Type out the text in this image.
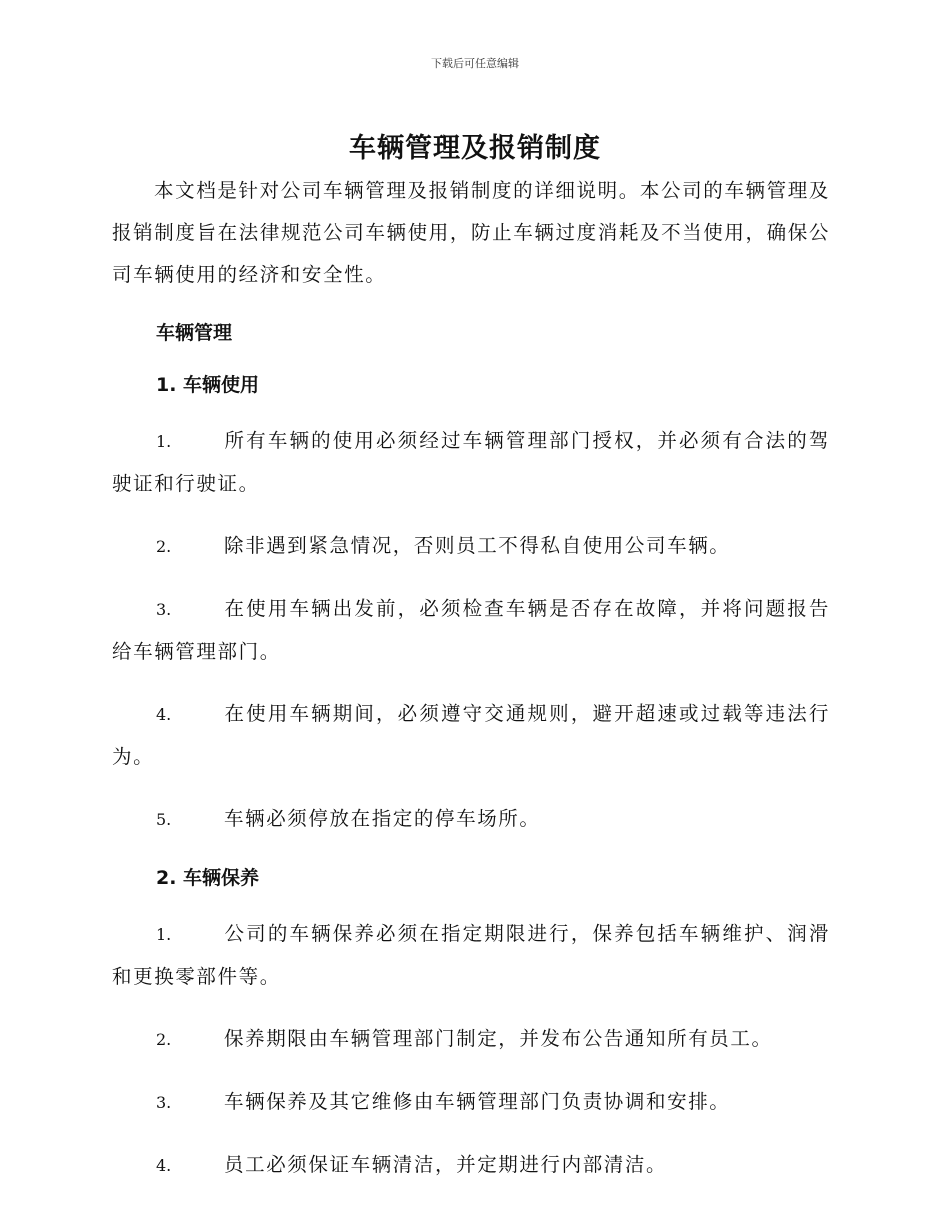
下载后可任意编辑
车辆管理及报销制度

本文档是针对公司车辆管理及报销制度的详细说明。本公司的车辆管理及报销制度旨在法律规范公司车辆使用，防止车辆过度消耗及不当使用，确保公司车辆使用的经济和安全性。

车辆管理
1. 车辆使用

1.	所有车辆的使用必须经过车辆管理部门授权，并必须有合法的驾驶证和行驶证。

2.	除非遇到紧急情况，否则员工不得私自使用公司车辆。

3.	在使用车辆出发前，必须检查车辆是否存在故障，并将问题报告给车辆管理部门。

4.	在使用车辆期间，必须遵守交通规则，避开超速或过载等违法行为。

5.	车辆必须停放在指定的停车场所。

2. 车辆保养

1.	公司的车辆保养必须在指定期限进行，保养包括车辆维护、润滑和更换零部件等。

2.	保养期限由车辆管理部门制定，并发布公告通知所有员工。

3.	车辆保养及其它维修由车辆管理部门负责协调和安排。

4.	员工必须保证车辆清洁，并定期进行内部清洁。
